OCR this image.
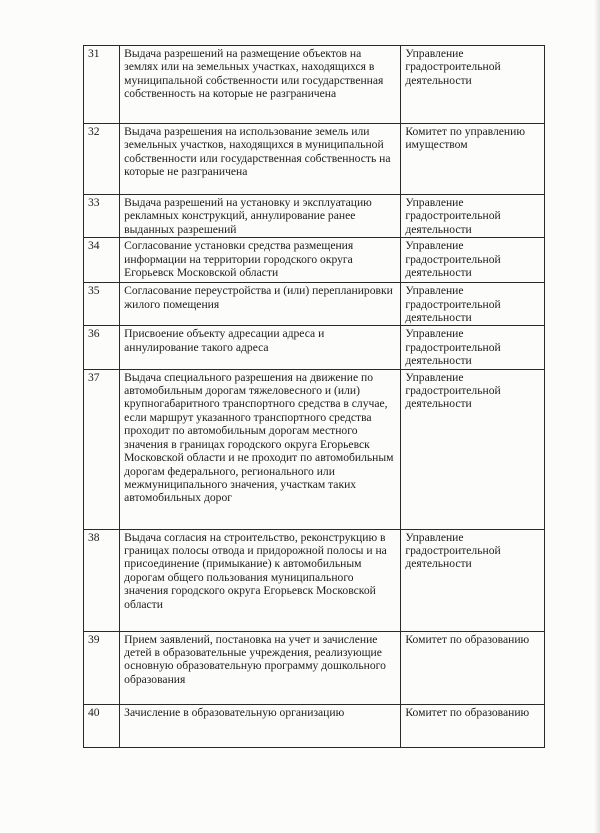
31	Выдача разрешений на размещение объектов на землях или на земельных участках, находящихся в муниципальной собственности или государственная собственность на которые не разграничена	Управление градостроительной деятельности
32	Выдача разрешения на использование земель или земельных участков, находящихся в муниципальной собственности или государственная собственность на которые не разграничена	Комитет по управлению имуществом
33	Выдача разрешений на установку и эксплуатацию рекламных конструкций, аннулирование ранее выданных разрешений	Управление градостроительной деятельности
34	Согласование установки средства размещения информации на территории городского округа Егорьевск Московской области	Управление градостроительной деятельности
35	Согласование переустройства и (или) перепланировки жилого помещения	Управление градостроительной деятельности
36	Присвоение объекту адресации адреса и аннулирование такого адреса	Управление градостроительной деятельности
37	Выдача специального разрешения на движение по автомобильным дорогам тяжеловесного и (или) крупногабаритного транспортного средства в случае, если маршрут указанного транспортного средства проходит по автомобильным дорогам местного значения в границах городского округа Егорьевск Московской области и не проходит по автомобильным дорогам федерального, регионального или межмуниципального значения, участкам таких автомобильных дорог	Управление градостроительной деятельности
38	Выдача согласия на строительство, реконструкцию в границах полосы отвода и придорожной полосы и на присоединение (примыкание) к автомобильным дорогам общего пользования муниципального значения городского округа Егорьевск Московской области	Управление градостроительной деятельности
39	Прием заявлений, постановка на учет и зачисление детей в образовательные учреждения, реализующие основную образовательную программу дошкольного образования	Комитет по образованию
40	Зачисление в образовательную организацию	Комитет по образованию
